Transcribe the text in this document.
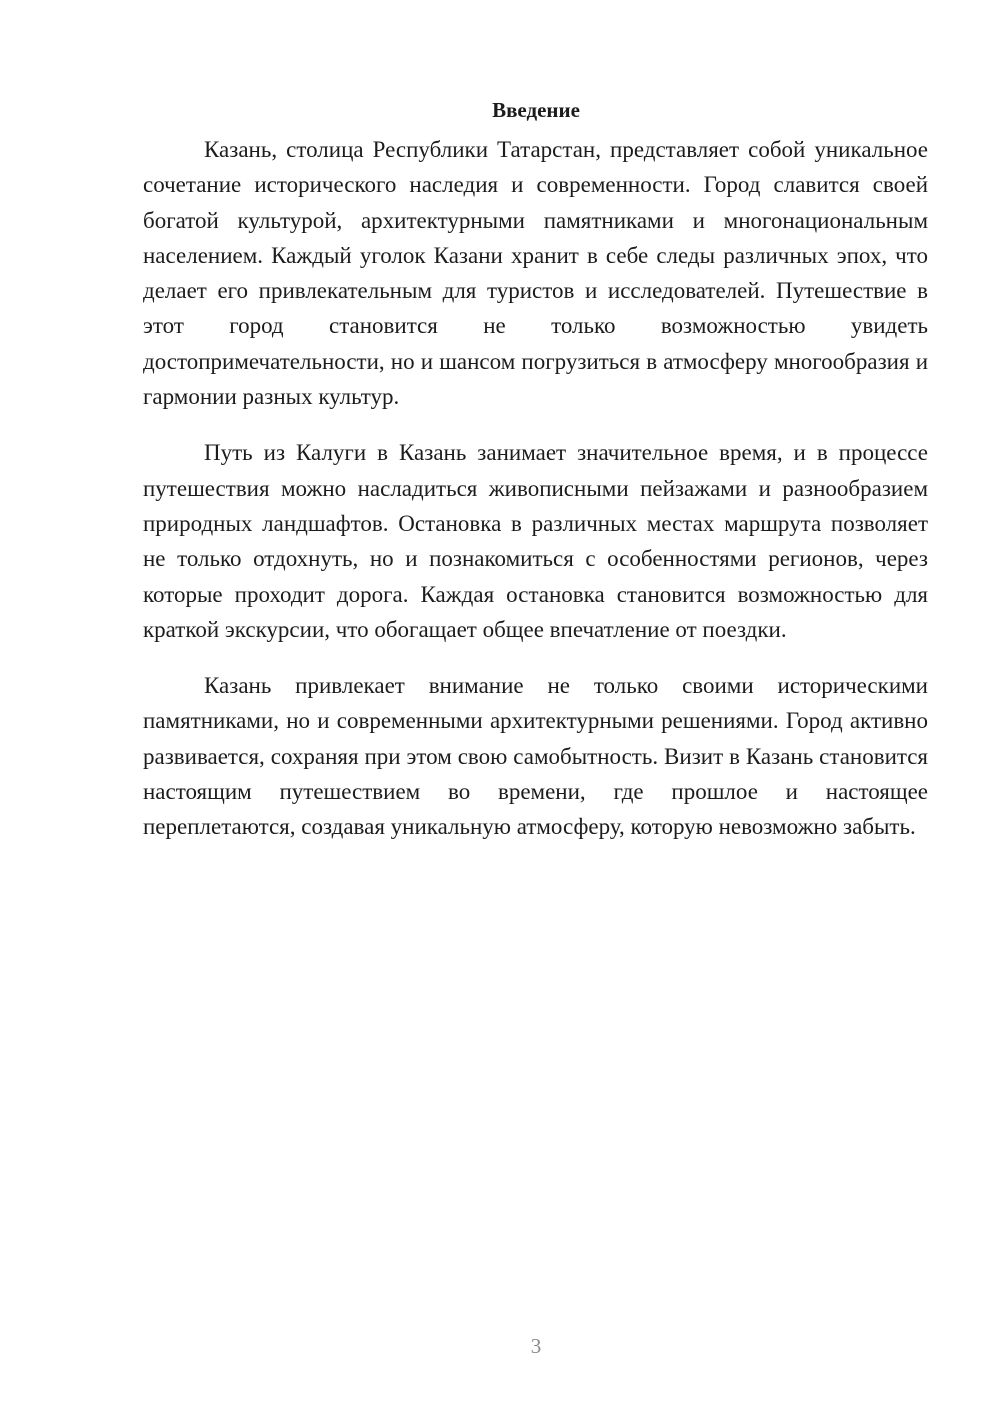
Введение

Казань, столица Республики Татарстан, представляет собой уникальное сочетание исторического наследия и современности. Город славится своей богатой культурой, архитектурными памятниками и многонациональным населением. Каждый уголок Казани хранит в себе следы различных эпох, что делает его привлекательным для туристов и исследователей. Путешествие в этот город становится не только возможностью увидеть достопримечательности, но и шансом погрузиться в атмосферу многообразия и гармонии разных культур.

Путь из Калуги в Казань занимает значительное время, и в процессе путешествия можно насладиться живописными пейзажами и разнообразием природных ландшафтов. Остановка в различных местах маршрута позволяет не только отдохнуть, но и познакомиться с особенностями регионов, через которые проходит дорога. Каждая остановка становится возможностью для краткой экскурсии, что обогащает общее впечатление от поездки.

Казань привлекает внимание не только своими историческими памятниками, но и современными архитектурными решениями. Город активно развивается, сохраняя при этом свою самобытность. Визит в Казань становится настоящим путешествием во времени, где прошлое и настоящее переплетаются, создавая уникальную атмосферу, которую невозможно забыть.

3
